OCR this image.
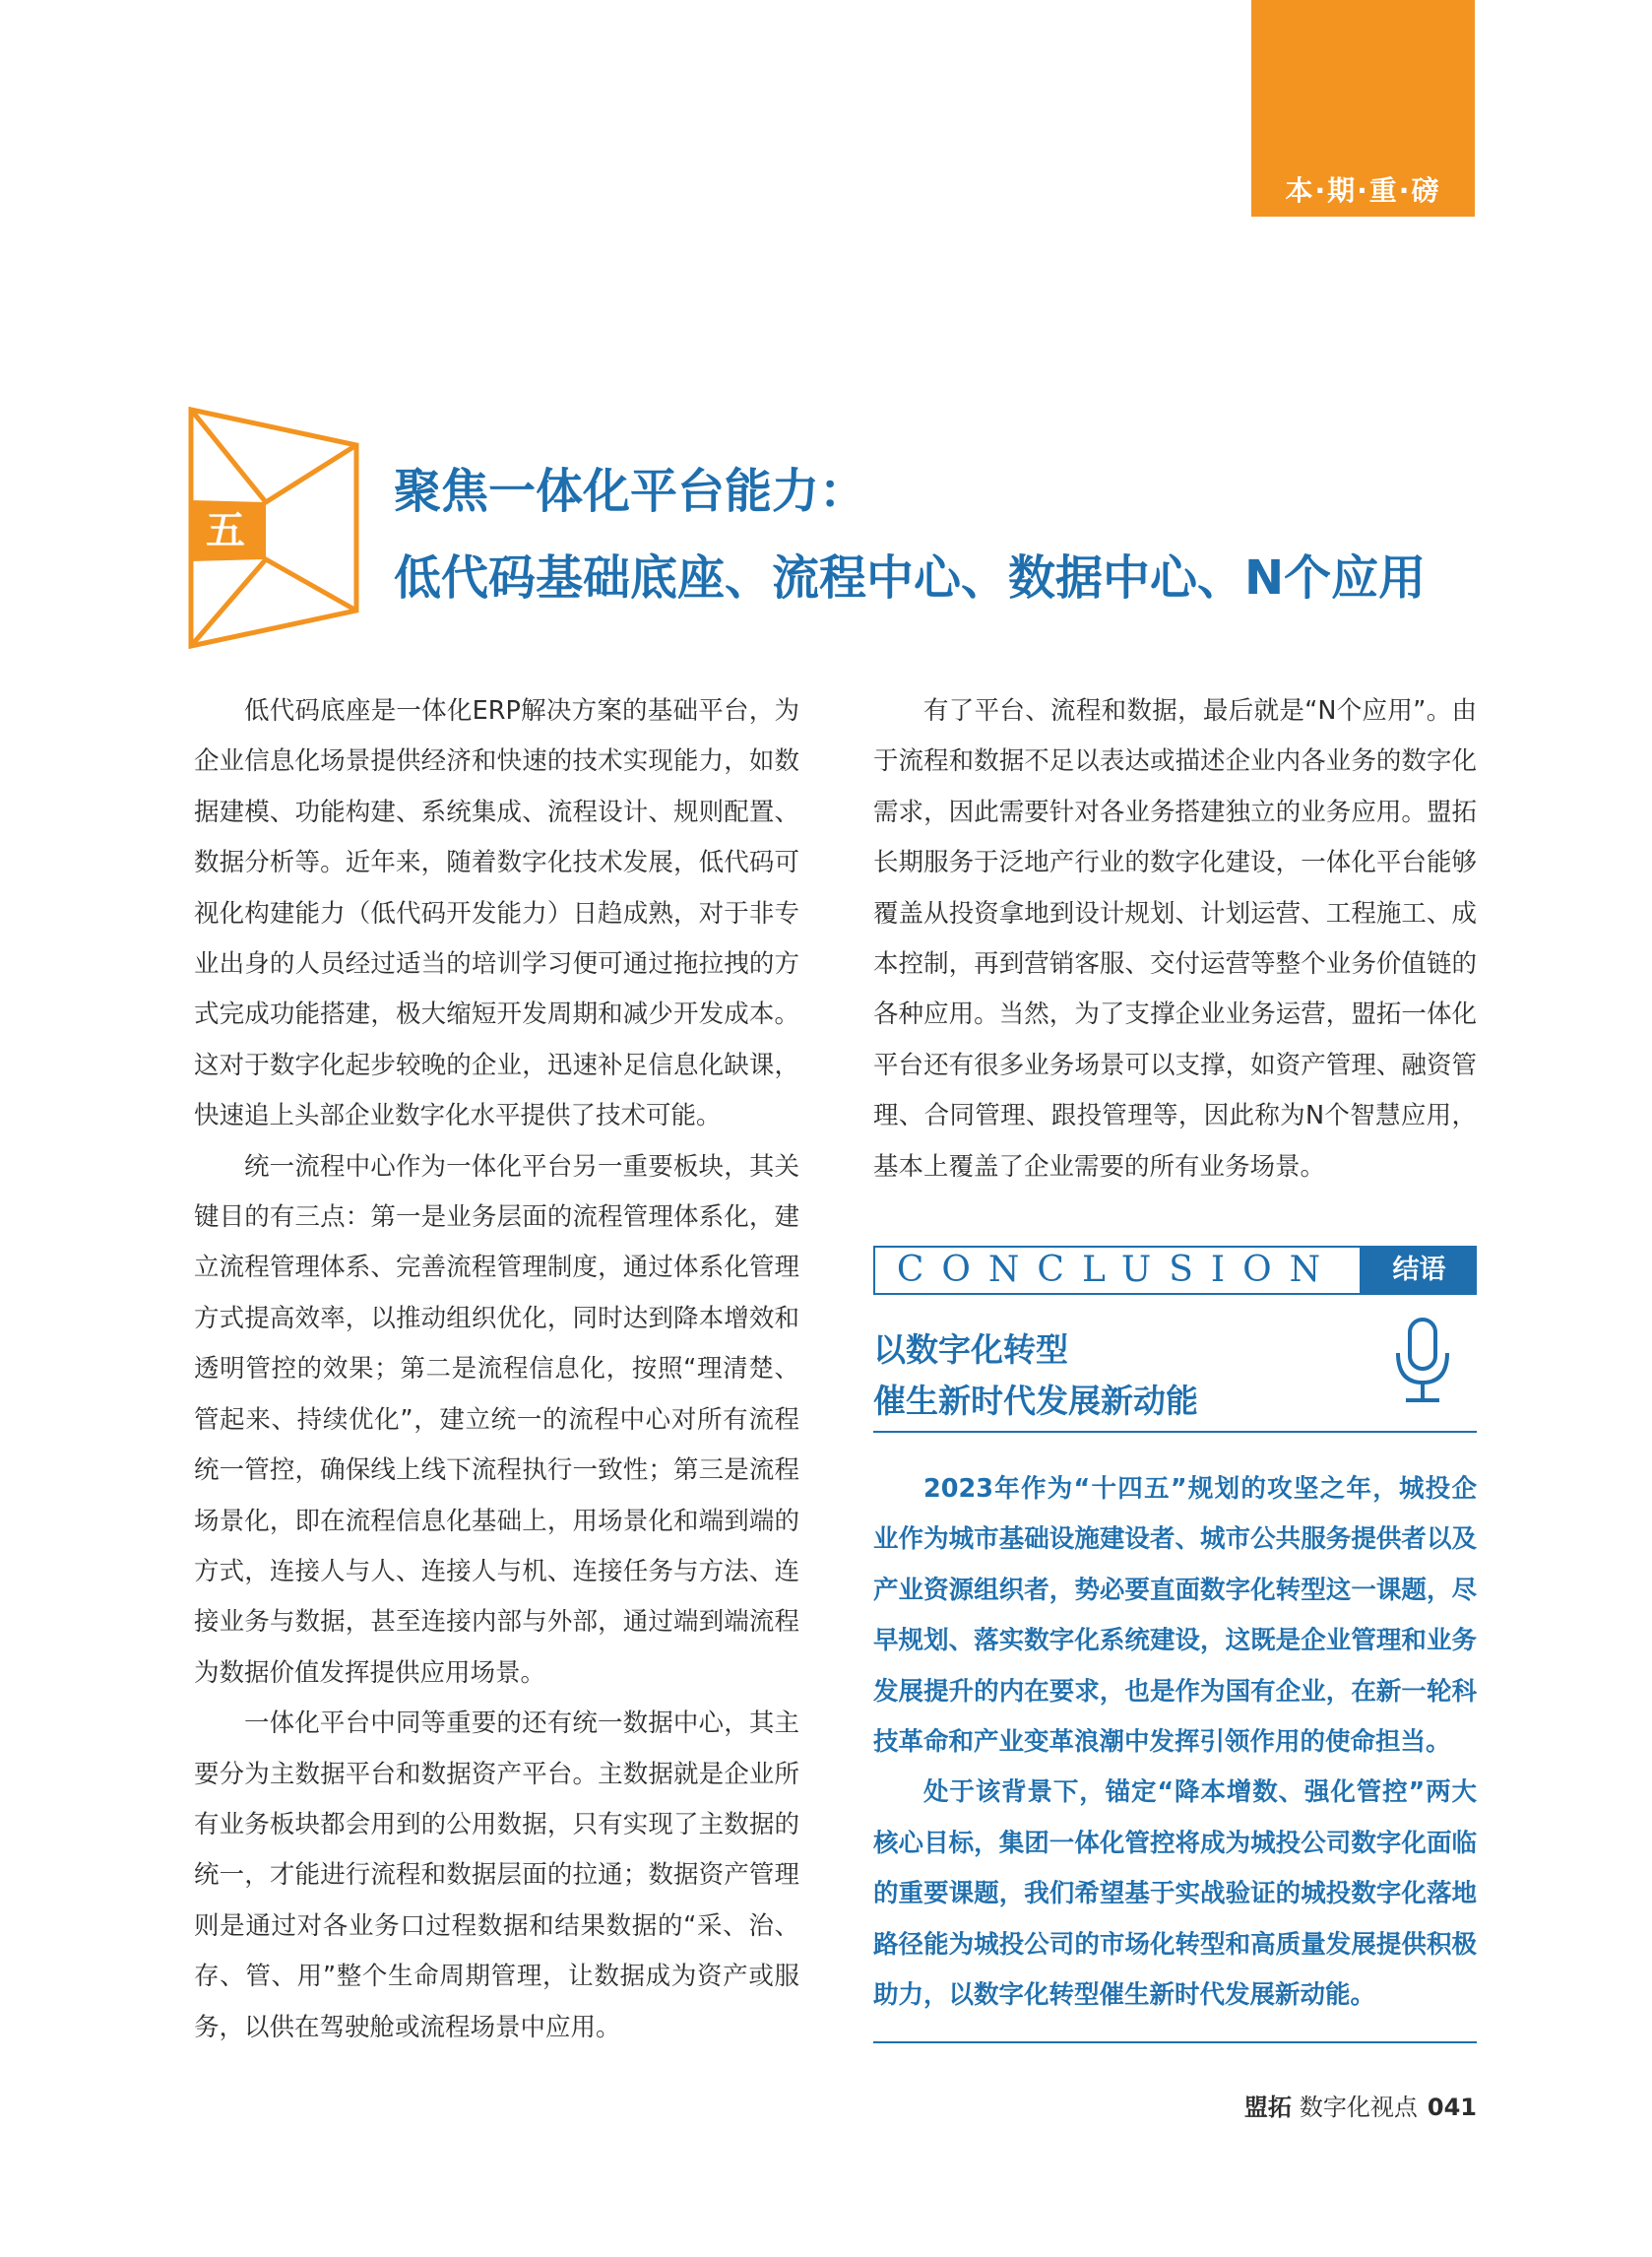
本·期·重·磅
五
聚焦一体化平台能力：
低代码基础底座、流程中心、数据中心、N个应用

低代码底座是一体化ERP解决方案的基础平台，为企业信息化场景提供经济和快速的技术实现能力，如数据建模、功能构建、系统集成、流程设计、规则配置、数据分析等。近年来，随着数字化技术发展，低代码可视化构建能力（低代码开发能力）日趋成熟，对于非专业出身的人员经过适当的培训学习便可通过拖拉拽的方式完成功能搭建，极大缩短开发周期和减少开发成本。这对于数字化起步较晚的企业，迅速补足信息化缺课，快速追上头部企业数字化水平提供了技术可能。

统一流程中心作为一体化平台另一重要板块，其关键目的有三点：第一是业务层面的流程管理体系化，建立流程管理体系、完善流程管理制度，通过体系化管理方式提高效率，以推动组织优化，同时达到降本增效和透明管控的效果；第二是流程信息化，按照“理清楚、管起来、持续优化”，建立统一的流程中心对所有流程统一管控，确保线上线下流程执行一致性；第三是流程场景化，即在流程信息化基础上，用场景化和端到端的方式，连接人与人、连接人与机、连接任务与方法、连接业务与数据，甚至连接内部与外部，通过端到端流程为数据价值发挥提供应用场景。

一体化平台中同等重要的还有统一数据中心，其主要分为主数据平台和数据资产平台。主数据就是企业所有业务板块都会用到的公用数据，只有实现了主数据的统一，才能进行流程和数据层面的拉通；数据资产管理则是通过对各业务口过程数据和结果数据的“采、治、存、管、用”整个生命周期管理，让数据成为资产或服务，以供在驾驶舱或流程场景中应用。

有了平台、流程和数据，最后就是“N个应用”。由于流程和数据不足以表达或描述企业内各业务的数字化需求，因此需要针对各业务搭建独立的业务应用。盟拓长期服务于泛地产行业的数字化建设，一体化平台能够覆盖从投资拿地到设计规划、计划运营、工程施工、成本控制，再到营销客服、交付运营等整个业务价值链的各种应用。当然，为了支撑企业业务运营，盟拓一体化平台还有很多业务场景可以支撑，如资产管理、融资管理、合同管理、跟投管理等，因此称为N个智慧应用，基本上覆盖了企业需要的所有业务场景。

CONCLUSION	结语
以数字化转型
催生新时代发展新动能

2023年作为“十四五”规划的攻坚之年，城投企业作为城市基础设施建设者、城市公共服务提供者以及产业资源组织者，势必要直面数字化转型这一课题，尽早规划、落实数字化系统建设，这既是企业管理和业务发展提升的内在要求，也是作为国有企业，在新一轮科技革命和产业变革浪潮中发挥引领作用的使命担当。

处于该背景下，锚定“降本增数、强化管控”两大核心目标，集团一体化管控将成为城投公司数字化面临的重要课题，我们希望基于实战验证的城投数字化落地路径能为城投公司的市场化转型和高质量发展提供积极助力，以数字化转型催生新时代发展新动能。

盟拓 数字化视点 041
